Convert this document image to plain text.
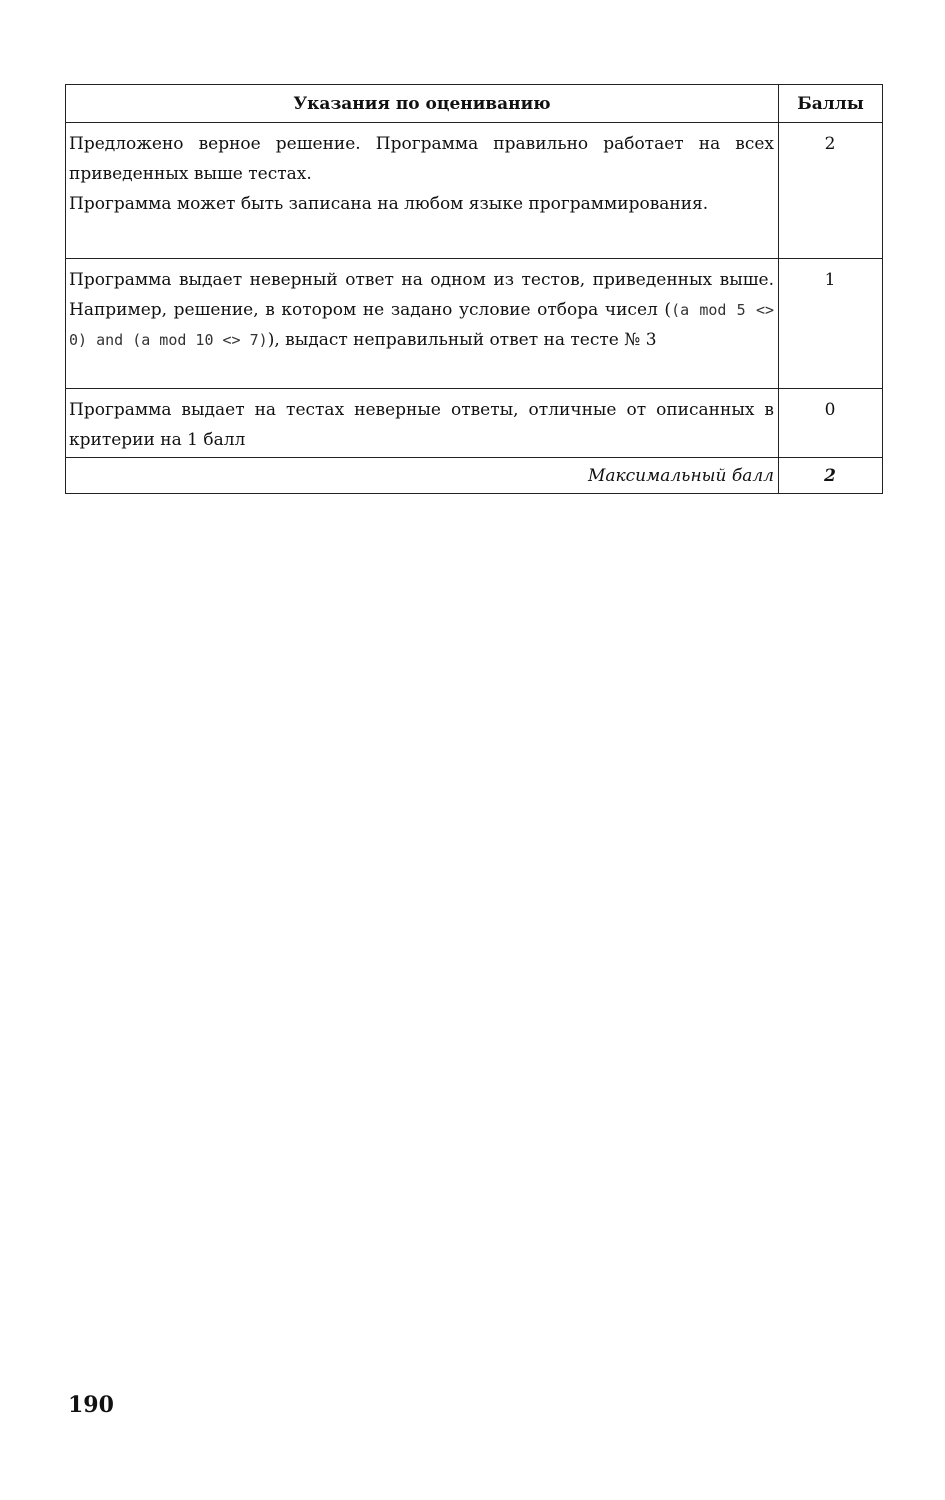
Указания по оцениванию	Баллы

Предложено верное решение. Программа правильно работает на всех приведенных выше тестах.

Программа может быть записана на любом языке программирования.	2
Программа выдает неверный ответ на одном из тестов, приведенных выше. Например, решение, в котором не задано условие отбора чисел ((a mod 5 <> 0) and (a mod 10 <> 7)), выдаст неправильный ответ на тесте № 3	1
Программа выдает на тестах неверные ответы, отличные от описанных в критерии на 1 балл	0
Максимальный балл	2
190
